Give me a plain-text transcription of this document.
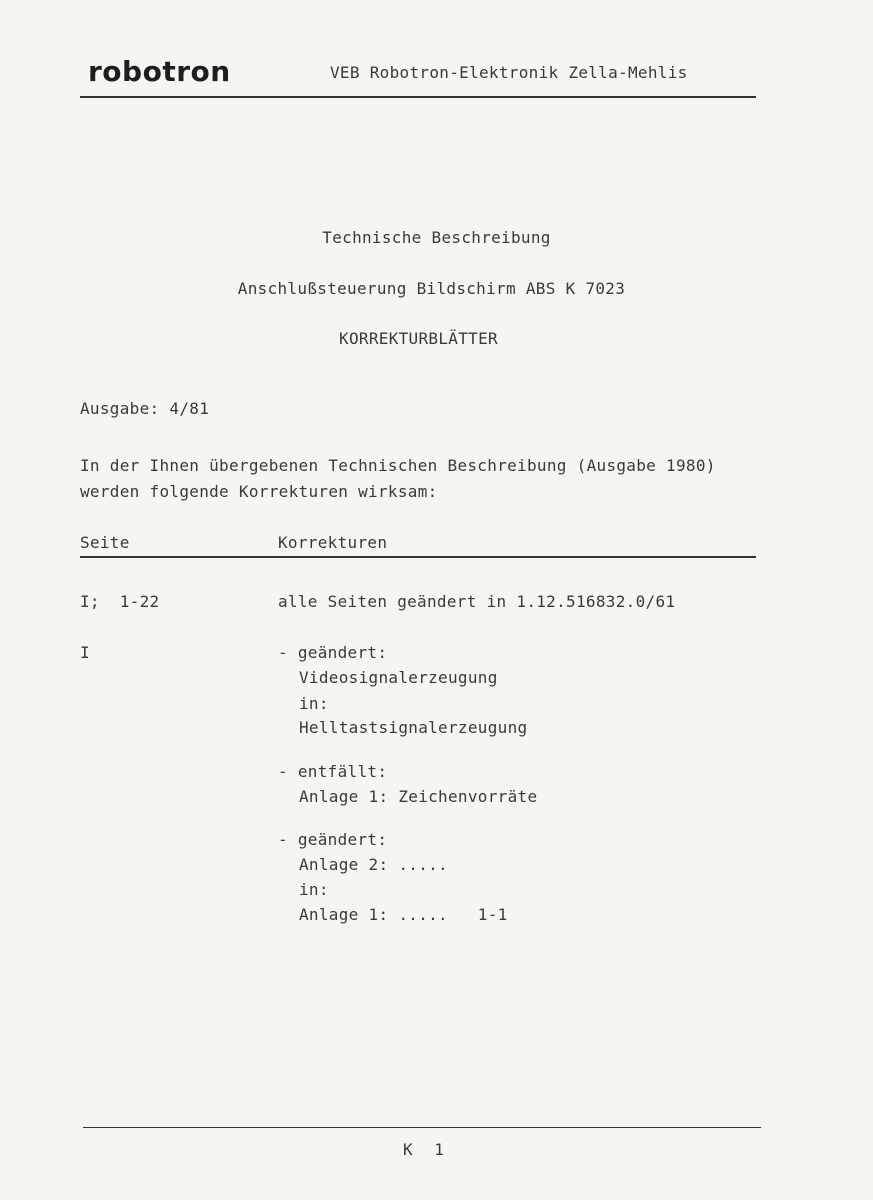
robotron	VEB Robotron-Elektronik Zella-Mehlis
Technische Beschreibung
Anschlußsteuerung Bildschirm ABS K 7023
KORREKTURBLÄTTER
Ausgabe: 4/81
In der Ihnen übergebenen Technischen Beschreibung (Ausgabe 1980)
werden folgende Korrekturen wirksam:
Seite	Korrekturen
I;  1-22	alle Seiten geändert in 1.12.516832.0/61
I	- geändert:
Videosignalerzeugung
in:
Helltastsignalerzeugung
- entfällt:
Anlage 1: Zeichenvorräte
- geändert:
Anlage 2: .....
in:
Anlage 1: .....   1-1
K 1
